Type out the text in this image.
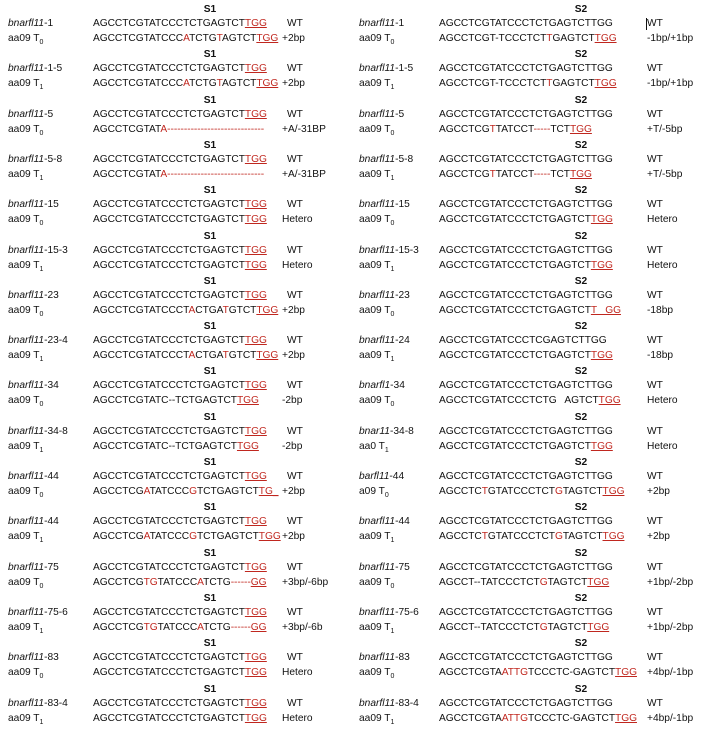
S1
bnarfl11-1	AGCCTCGTATCCCTCTGAGTCTTGG WT
aa09 $T_0$	AGCCTCGTATCCCATCTGTAGTCTTGG +2bp
S1
bnarfl11-1-5	AGCCTCGTATCCCTCTGAGTCTTGG WT
aa09 $T_1$	AGCCTCGTATCCCATCTGTAGTCTTGG +2bp
S1
bnarfl11-5	AGCCTCGTATCCCTCTGAGTCTTGG WT
aa09 $T_0$	AGCCTCGTATA----------------------------- +A/-31BP
S1
bnarfl11-5-8	AGCCTCGTATCCCTCTGAGTCTTGG WT
aa09 $T_1$	AGCCTCGTATA----------------------------- +A/-31BP
S1
bnarfl11-15	AGCCTCGTATCCCTCTGAGTCTTGG WT
aa09 $T_0$	AGCCTCGTATCCCTCTGAGTCTTGG Hetero
S1
bnarfl11-15-3 AGCCTCGTATCCCTCTGAGTCTTGG WT
aa09 $T_1$	AGCCTCGTATCCCTCTGAGTCTTGG Hetero
S1
bnarfl11-23	AGCCTCGTATCCCTCTGAGTCTTGG WT
aa09 $T_0$	AGCCTCGTATCCCTACTGATGTCTTGG +2bp
S1
bnarfl11-23-4 AGCCTCGTATCCCTCTGAGTCTTGG WT
aa09 $T_1$	AGCCTCGTATCCCTACTGATGTCTTGG +2bp
S1
bnarfl11-34	AGCCTCGTATCCCTCTGAGTCTTGG WT
aa09 $T_0$	AGCCTCGTATC--TCTGAGTCTTGG -2bp
S1
bnarfl11-34-8 AGCCTCGTATCCCTCTGAGTCTTGG WT
aa09 $T_1$	AGCCTCGTATC--TCTGAGTCTTGG -2bp
S1
bnarfl11-44	AGCCTCGTATCCCTCTGAGTCTTGG WT
aa09 $T_0$	AGCCTCGATATCCCGTCTGAGTCTTG_ +2bp
S1
bnarfl11-44	AGCCTCGTATCCCTCTGAGTCTTGG WT
aa09 $T_1$	AGCCTCGATATCCCGTCTGAGTCTTGG +2bp
S1
bnarfl11-75	AGCCTCGTATCCCTCTGAGTCTTGG WT
aa09 $T_0$	AGCCTCGTGTATCCCATCTG------GG +3bp/-6bp
S1
bnarfl11-75-6 AGCCTCGTATCCCTCTGAGTCTTGG WT
aa09 $T_1$	AGCCTCGTGTATCCCATCTG------GG +3bp/-6b
S1
bnarfl11-83	AGCCTCGTATCCCTCTGAGTCTTGG WT
aa09 $T_0$	AGCCTCGTATCCCTCTGAGTCTTGG Hetero
S1
bnarfl11-83-4 AGCCTCGTATCCCTCTGAGTCTTGG WT
aa09 $T_1$	AGCCTCGTATCCCTCTGAGTCTTGG Hetero
S2
bnarfl11-1	AGCCTCGTATCCCTCTGAGTCTTGG	WT
aa09 $T_0$	AGCCTCGT-TCCCTCTTGAGTCTTGG	-1bp/+1bp
S2
bnarfl11-1-5	AGCCTCGTATCCCTCTGAGTCTTGG	WT
aa09 $T_1$	AGCCTCGT-TCCCTCTTGAGTCTTGG	-1bp/+1bp
S2
bnarfl11-5	AGCCTCGTATCCCTCTGAGTCTTGG	WT
aa09 $T_0$	AGCCTCGTTATCCT-----TCTTGG	+T/-5bp
S2
bnarfl11-5-8	AGCCTCGTATCCCTCTGAGTCTTGG	WT
aa09 $T_1$	AGCCTCGTTATCCT-----TCTTGG	+T/-5bp
S2
bnarfl11-15	AGCCTCGTATCCCTCTGAGTCTTGG	WT
aa09 $T_0$	AGCCTCGTATCCCTCTGAGTCTTGG	Hetero
S2
bnarfl11-15-3 AGCCTCGTATCCCTCTGAGTCTTGG	WT
aa09 $T_1$	AGCCTCGTATCCCTCTGAGTCTTGG	Hetero
S2
bnarfl11-23	AGCCTCGTATCCCTCTGAGTCTTGG	WT
aa09 $T_0$	AGCCTCGTATCCCTCTGAGTCTT   GG	-18bp
S2
bnarfl11-24	AGCCTCGTATCCCTCGAGTCTTGG	WT
aa09 $T_1$	AGCCTCGTATCCCTCTGAGTCTTGG	-18bp
S2
bnarfl1-34	AGCCTCGTATCCCTCTGAGTCTTGG	WT
aa09 $T_0$	AGCCTCGTATCCCTCTG   AGTCTTGG	Hetero
S2
bnar11-34-8 AGCCTCGTATCCCTCTGAGTCTTGG	WT
aa0 $T_1$	AGCCTCGTATCCCTCTGAGTCTTGG	Hetero
S2
barfl11-44	AGCCTCGTATCCCTCTGAGTCTTGG	WT
a09 $T_0$	AGCCTCTGTATCCCTCTGTAGTCTTGG +2bp
S2
bnarfl11-44	AGCCTCGTATCCCTCTGAGTCTTGG	WT
aa09 $T_1$	AGCCTCTGTATCCCTCTGTAGTCTTGG +2bp
S2
bnarfl11-75	AGCCTCGTATCCCTCTGAGTCTTGG	WT
aa09 $T_0$	AGCCT--TATCCCTCTGTAGTCTTGG	+1bp/-2bp
S2
bnarfl11-75-6 AGCCTCGTATCCCTCTGAGTCTTGG	WT
aa09 $T_1$	AGCCT--TATCCCTCTGTAGTCTTGG	+1bp/-2bp
S2
bnarfl11-83	AGCCTCGTATCCCTCTGAGTCTTGG	WT
aa09 $T_0$	AGCCTCGTAATTGTCCCTC-GAGTCTTGG +4bp/-1bp
S2
bnarfl11-83-4 AGCCTCGTATCCCTCTGAGTCTTGG	WT
aa09 $T_1$	AGCCTCGTAATTGTCCCTC-GAGTCTTGG +4bp/-1bp
